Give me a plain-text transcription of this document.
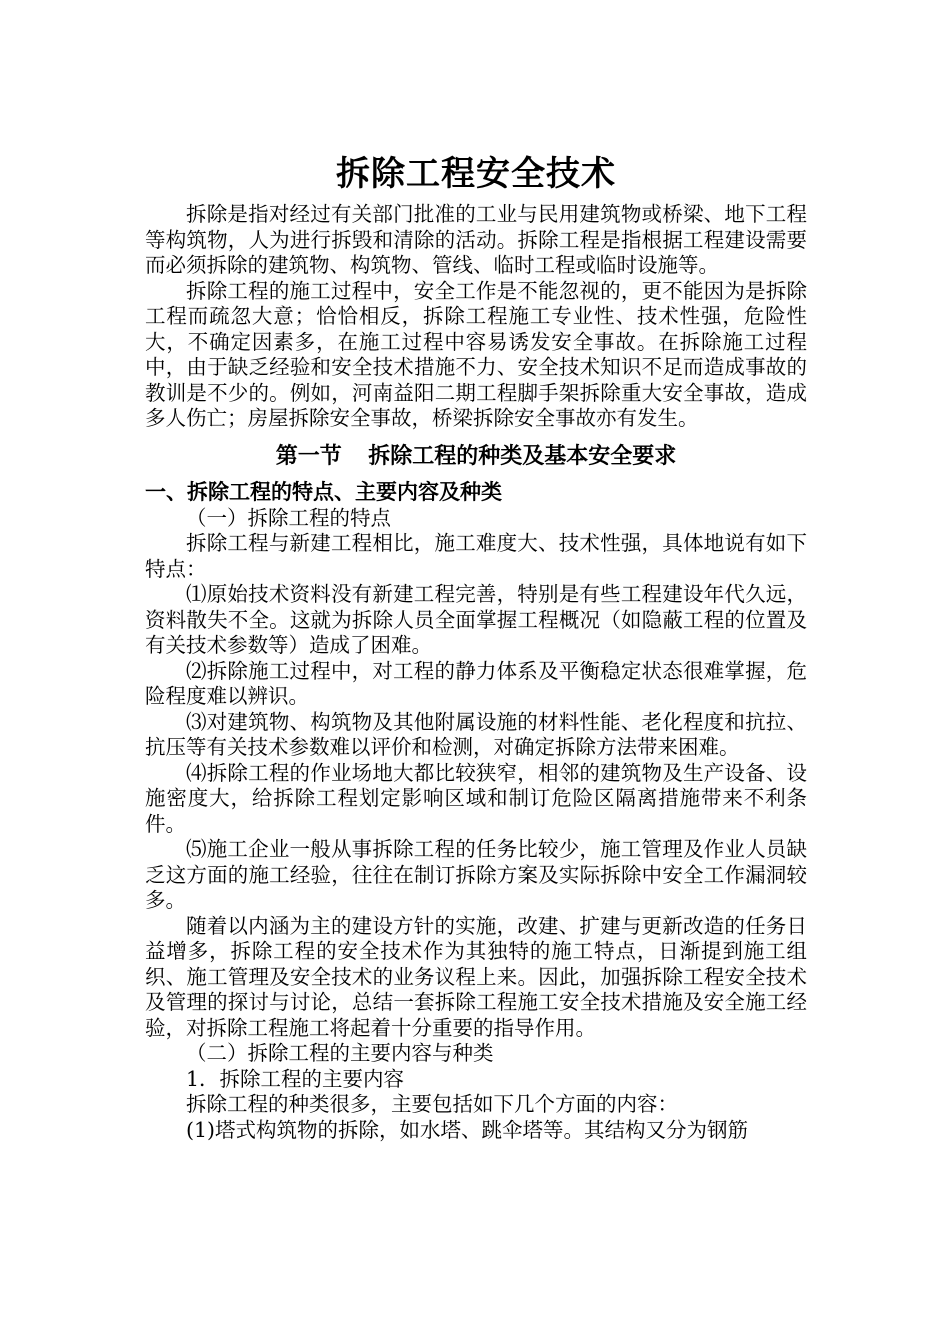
拆除工程安全技术

拆除是指对经过有关部门批准的工业与民用建筑物或桥梁、地下工程等构筑物，人为进行拆毁和清除的活动。拆除工程是指根据工程建设需要而必须拆除的建筑物、构筑物、管线、临时工程或临时设施等。

拆除工程的施工过程中，安全工作是不能忽视的，更不能因为是拆除工程而疏忽大意；恰恰相反，拆除工程施工专业性、技术性强，危险性大，不确定因素多，在施工过程中容易诱发安全事故。在拆除施工过程中，由于缺乏经验和安全技术措施不力、安全技术知识不足而造成事故的教训是不少的。例如，河南益阳二期工程脚手架拆除重大安全事故，造成多人伤亡；房屋拆除安全事故，桥梁拆除安全事故亦有发生。

第一节 拆除工程的种类及基本安全要求
一、拆除工程的特点、主要内容及种类

（一）拆除工程的特点

拆除工程与新建工程相比，施工难度大、技术性强，具体地说有如下特点：

⑴原始技术资料没有新建工程完善，特别是有些工程建设年代久远，资料散失不全。这就为拆除人员全面掌握工程概况（如隐蔽工程的位置及有关技术参数等）造成了困难。

⑵拆除施工过程中，对工程的静力体系及平衡稳定状态很难掌握，危险程度难以辨识。

⑶对建筑物、构筑物及其他附属设施的材料性能、老化程度和抗拉、抗压等有关技术参数难以评价和检测，对确定拆除方法带来困难。

⑷拆除工程的作业场地大都比较狭窄，相邻的建筑物及生产设备、设施密度大，给拆除工程划定影响区域和制订危险区隔离措施带来不利条件。

⑸施工企业一般从事拆除工程的任务比较少，施工管理及作业人员缺乏这方面的施工经验，往往在制订拆除方案及实际拆除中安全工作漏洞较多。

随着以内涵为主的建设方针的实施，改建、扩建与更新改造的任务日益增多，拆除工程的安全技术作为其独特的施工特点，日渐提到施工组织、施工管理及安全技术的业务议程上来。因此，加强拆除工程安全技术及管理的探讨与讨论，总结一套拆除工程施工安全技术措施及安全施工经验，对拆除工程施工将起着十分重要的指导作用。

（二）拆除工程的主要内容与种类

1．拆除工程的主要内容

拆除工程的种类很多，主要包括如下几个方面的内容：

(1)塔式构筑物的拆除，如水塔、跳伞塔等。其结构又分为钢筋
